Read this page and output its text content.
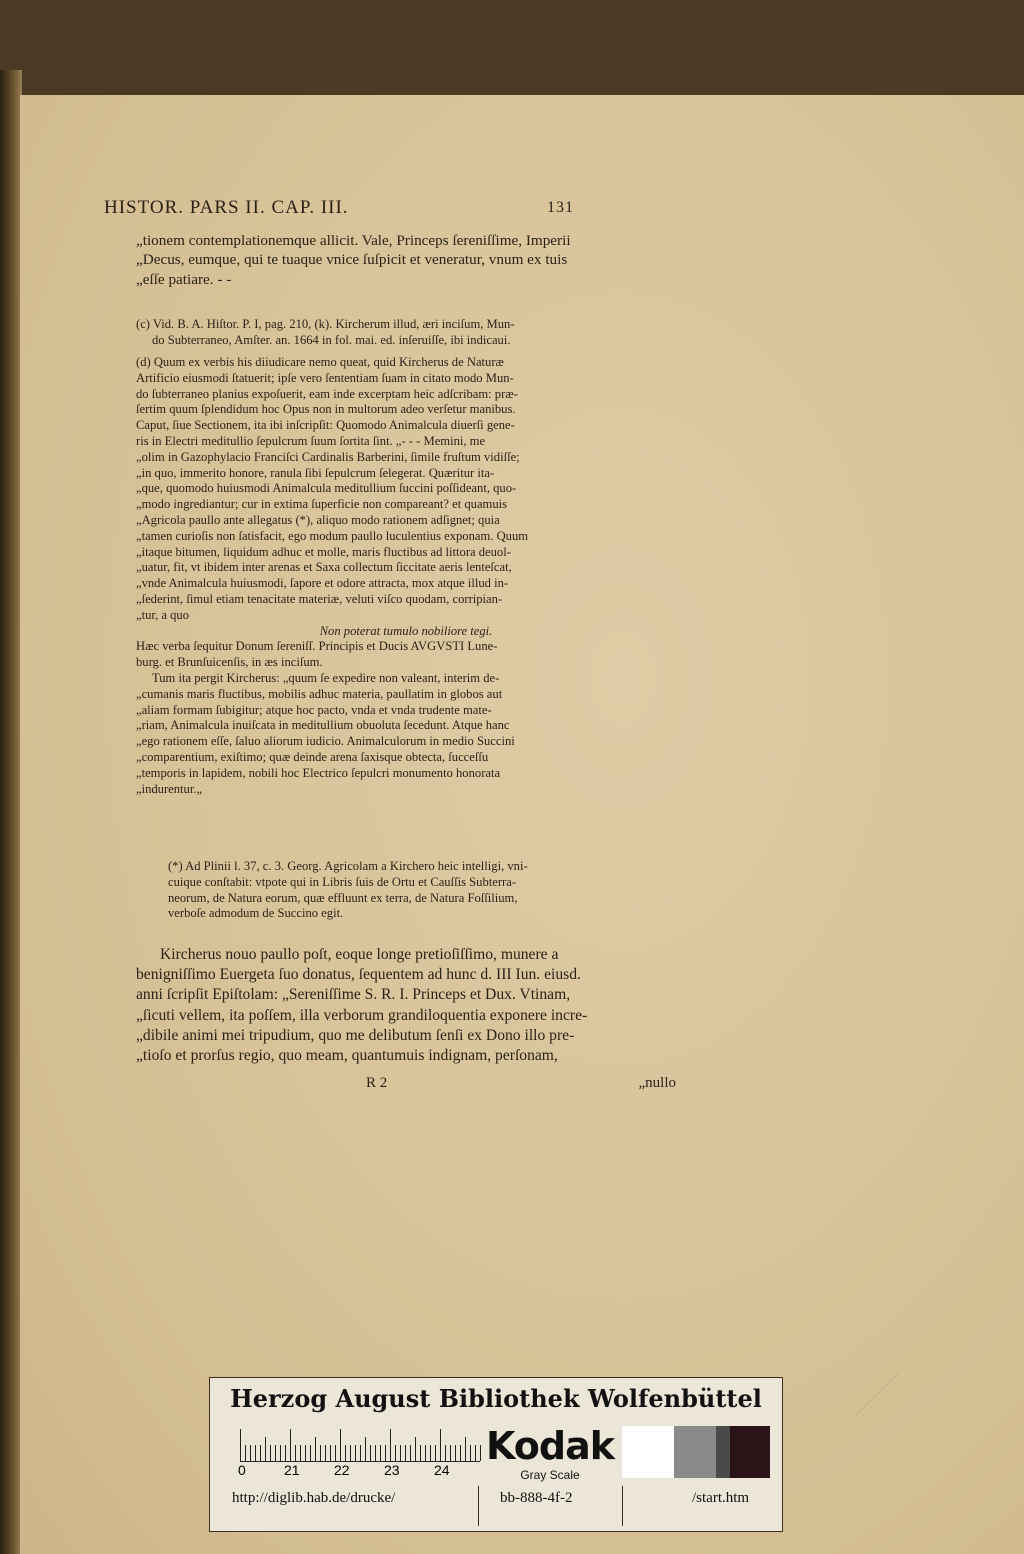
HISTOR. PARS II. CAP. III.	131

„tionem contemplationemque allicit. Vale, Princeps ſereniſſime, Imperii

„Decus, eumque, qui te tuaque vnice ſuſpicit et veneratur, vnum ex tuis

„eſſe patiare. - -

(c) Vid. B. A. Hiſtor. P. I, pag. 210, (k). Kircherum illud, æri inciſum, Mun-

do Subterraneo, Amſter. an. 1664 in fol. mai. ed. inſeruiſſe, ibi indicaui.

(d) Quum ex verbis his diiudicare nemo queat, quid Kircherus de Naturæ

Artificio eiusmodi ſtatuerit; ipſe vero ſententiam ſuam in citato modo Mun-

do ſubterraneo planius expoſuerit, eam inde excerptam heic adſcribam: præ-

ſertim quum ſplendidum hoc Opus non in multorum adeo verſetur manibus.

Caput, ſiue Sectionem, ita ibi inſcripſit: Quomodo Animalcula diuerſi gene-

ris in Electri meditullio ſepulcrum ſuum ſortita ſint. „- - - Memini, me

„olim in Gazophylacio Franciſci Cardinalis Barberini, ſimile fruſtum vidiſſe;

„in quo, immerito honore, ranula ſibi ſepulcrum ſelegerat. Quæritur ita-

„que, quomodo huiusmodi Animalcula meditullium ſuccini poſſideant, quo-

„modo ingrediantur; cur in extima ſuperficie non compareant? et quamuis

„Agricola paullo ante allegatus (*), aliquo modo rationem adſignet; quia

„tamen curioſis non ſatisfacit, ego modum paullo luculentius exponam. Quum

„itaque bitumen, liquidum adhuc et molle, maris fluctibus ad littora deuol-

„uatur, fit, vt ibidem inter arenas et Saxa collectum ſiccitate aeris lenteſcat,

„vnde Animalcula huiusmodi, ſapore et odore attracta, mox atque illud in-

„ſederint, ſimul etiam tenacitate materiæ, veluti viſco quodam, corripian-

„tur, a quo

Non poterat tumulo nobiliore tegi.

Hæc verba ſequitur Donum ſereniſſ. Principis et Ducis AVGVSTI Lune-

burg. et Brunſuicenſis, in æs inciſum.

Tum ita pergit Kircherus: „quum ſe expedire non valeant, interim de-

„cumanis maris fluctibus, mobilis adhuc materia, paullatim in globos aut

„aliam formam ſubigitur; atque hoc pacto, vnda et vnda trudente mate-

„riam, Animalcula inuiſcata in meditullium obuoluta ſecedunt. Atque hanc

„ego rationem eſſe, ſaluo aliorum iudicio. Animalculorum in medio Succini

„comparentium, exiſtimo; quæ deinde arena ſaxisque obtecta, ſucceſſu

„temporis in lapidem, nobili hoc Electrico ſepulcri monumento honorata

„indurentur.„

(*) Ad Plinii l. 37, c. 3. Georg. Agricolam a Kirchero heic intelligi, vni-

cuique conſtabit: vtpote qui in Libris ſuis de Ortu et Cauſſis Subterra-

neorum, de Natura eorum, quæ effluunt ex terra, de Natura Foſſilium,

verboſe admodum de Succino egit.

Kircherus nouo paullo poſt, eoque longe pretioſiſſimo, munere a

benigniſſimo Euergeta ſuo donatus, ſequentem ad hunc d. III Iun. eiusd.

anni ſcripſit Epiſtolam: „Sereniſſime S. R. I. Princeps et Dux. Vtinam,

„ſicuti vellem, ita poſſem, illa verborum grandiloquentia exponere incre-

„dibile animi mei tripudium, quo me delibutum ſenſi ex Dono illo pre-

„tioſo et prorſus regio, quo meam, quantumuis indignam, perſonam,

R 2	„nullo
Herzog August Bibliothek Wolfenbüttel
0	21 22 23 24
Kodak
Gray Scale
http://diglib.hab.de/drucke/	bb-888-4f-2	/start.htm
